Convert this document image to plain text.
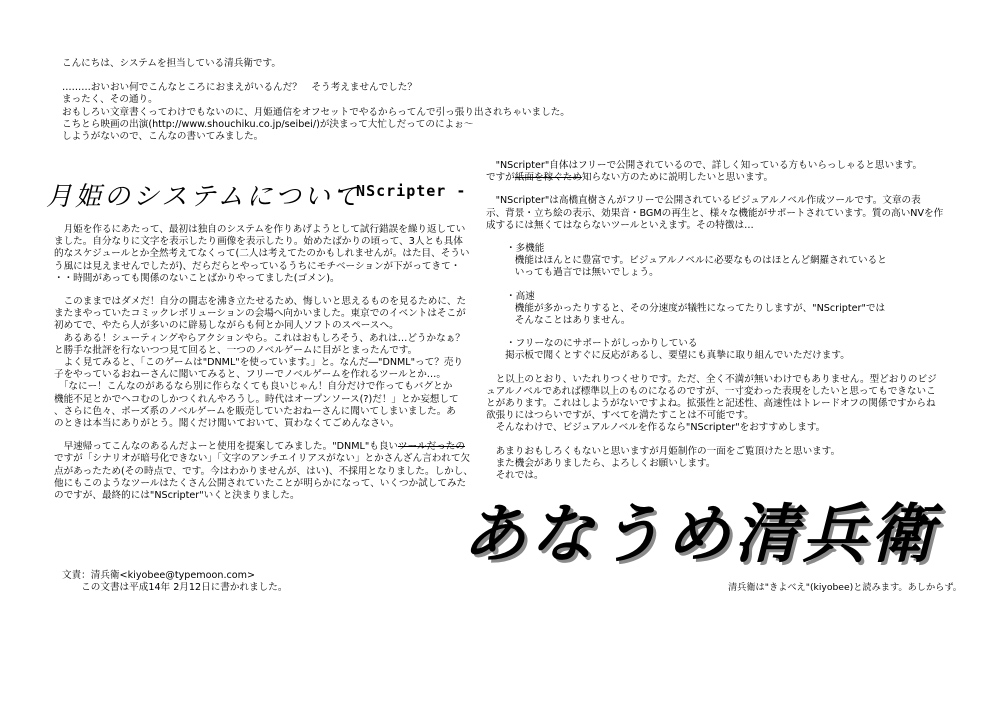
こんにちは、システムを担当している清兵衛です。
………おいおい何でこんなところにおまえがいるんだ？　そう考えませんでした？
まったく、その通り。
おもしろい文章書くってわけでもないのに、月姫通信をオフセットでやるからってんで引っ張り出されちゃいました。
こちとら映画の出演(http://www.shouchiku.co.jp/seibei/)が決まって大忙しだってのによぉ〜
しようがないので、こんなの書いてみました。
月姫のシステムについて
- NScripter -
　月姫を作るにあたって、最初は独自のシステムを作りあげようとして試行錯誤を繰り返してい
ました。自分なりに文字を表示したり画像を表示したり。始めたばかりの頃って、3人とも具体
的なスケジュールとか全然考えてなくって(二人は考えてたのかもしれませんが。はた目、そうい
う風には見えませんでしたが)、だらだらとやっているうちにモチベーションが下がってきて・
・・時間があっても関係のないことばかりやってました(ゴメン)。
　このままではダメだ！自分の闘志を沸き立たせるため、悔しいと思えるものを見るために、た
またまやっていたコミックレボリューションの会場へ向かいました。東京でのイベントはそこが
初めてで、やたら人が多いのに辟易しながらも何とか同人ソフトのスペースへ。
　あるある！シューティングやらアクションやら。これはおもしろそう、あれは…どうかなぁ？
と勝手な批評を行ないつつ見て回ると、一つのノベルゲームに目がとまったんです。
　よく見てみると、「このゲームは"DNML"を使っています。」と。なんだ―"DNML"って？売り
子をやっているおねーさんに聞いてみると、フリーでノベルゲームを作れるツールとか…。
　「なにー！こんなのがあるなら別に作らなくても良いじゃん！自分だけで作ってもバグとか
機能不足とかでヘコむのしかつくれんやろうし。時代はオープンソース(?)だ！」とか妄想して
、さらに色々、ポーズ系のノベルゲームを販売していたおねーさんに聞いてしまいました。あ
のときは本当にありがとう。聞くだけ聞いておいて、買わなくてごめんなさい。
　早速帰ってこんなのあるんだよーと使用を提案してみました。"DNML"も良いツールだったの
ですが「シナリオが暗号化できない」「文字のアンチエイリアスがない」とかさんざん言われて欠
点があったため(その時点で、です。今はわかりませんが、はい)、不採用となりました。しかし、
他にもこのようなツールはたくさん公開されていたことが明らかになって、いくつか試してみた
のですが、最終的には"NScripter"いくと決まりました。
　"NScripter"自体はフリーで公開されているので、詳しく知っている方もいらっしゃると思います。
ですが紙面を稼ぐため知らない方のために説明したいと思います。
　"NScripter"は高橋直樹さんがフリーで公開されているビジュアルノベル作成ツールです。文章の表
示、背景・立ち絵の表示、効果音・BGMの再生と、様々な機能がサポートされています。質の高いNVを作
成するには無くてはならないツールといえます。その特徴は…
・多機能
　　　機能はほんとに豊富です。ビジュアルノベルに必要なものはほとんど網羅されていると
　　　いっても過言では無いでしょう。
・高速
　　　機能が多かったりすると、その分速度が犠牲になってたりしますが、"NScripter"では
　　　そんなことはありません。
・フリーなのにサポートがしっかりしている
　　掲示板で聞くとすぐに反応があるし、要望にも真摯に取り組んでいただけます。
　と以上のとおり、いたれりつくせりです。ただ、全く不満が無いわけでもありません。型どおりのビジ
ュアルノベルであれば標準以上のものになるのですが、一寸変わった表現をしたいと思ってもできないこ
とがあります。これはしようがないですよね。拡張性と記述性、高速性はトレードオフの関係ですからね
欲張りにはつらいですが、すべてを満たすことは不可能です。
　そんなわけで、ビジュアルノベルを作るなら"NScripter"をおすすめします。
　あまりおもしろくもないと思いますが月姫制作の一面をご覧頂けたと思います。
　また機会がありましたら、よろしくお願いします。
　それでは。
あなうめ清兵衛
清兵衛は"きよべえ"(kiyobee)と読みます。あしからず。
文責：清兵衛<kiyobee@typemoon.com>
　　この文書は平成14年 2月12日に書かれました。
